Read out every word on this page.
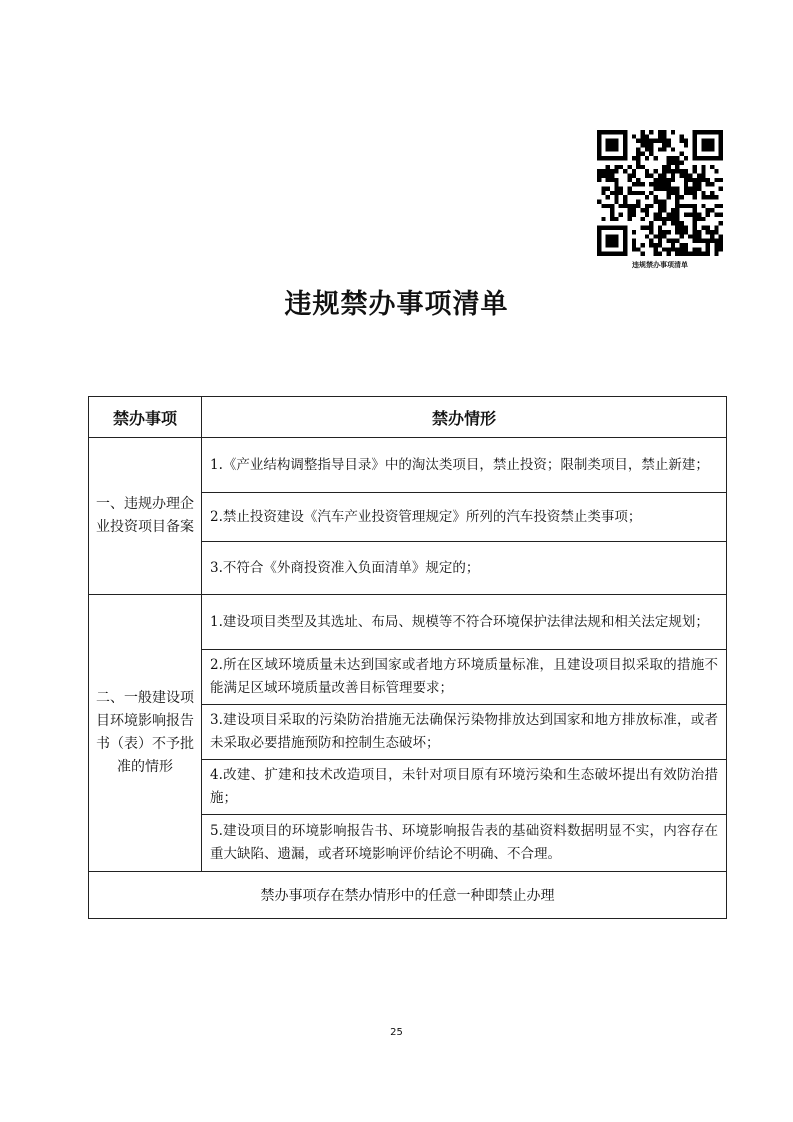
违规禁办事项清单
违规禁办事项清单
禁办事项	禁办情形
一、违规办理企业投资项目备案	1.《产业结构调整指导目录》中的淘汰类项目，禁止投资；限制类项目，禁止新建；
	2.禁止投资建设《汽车产业投资管理规定》所列的汽车投资禁止类事项；
	3.不符合《外商投资准入负面清单》规定的；
二、一般建设项目环境影响报告书（表）不予批准的情形	1.建设项目类型及其选址、布局、规模等不符合环境保护法律法规和相关法定规划；
	2.所在区域环境质量未达到国家或者地方环境质量标准，且建设项目拟采取的措施不能满足区域环境质量改善目标管理要求；
	3.建设项目采取的污染防治措施无法确保污染物排放达到国家和地方排放标准，或者未采取必要措施预防和控制生态破坏；
	4.改建、扩建和技术改造项目，未针对项目原有环境污染和生态破坏提出有效防治措施；
	5.建设项目的环境影响报告书、环境影响报告表的基础资料数据明显不实，内容存在重大缺陷、遗漏，或者环境影响评价结论不明确、不合理。
禁办事项存在禁办情形中的任意一种即禁止办理	
25
